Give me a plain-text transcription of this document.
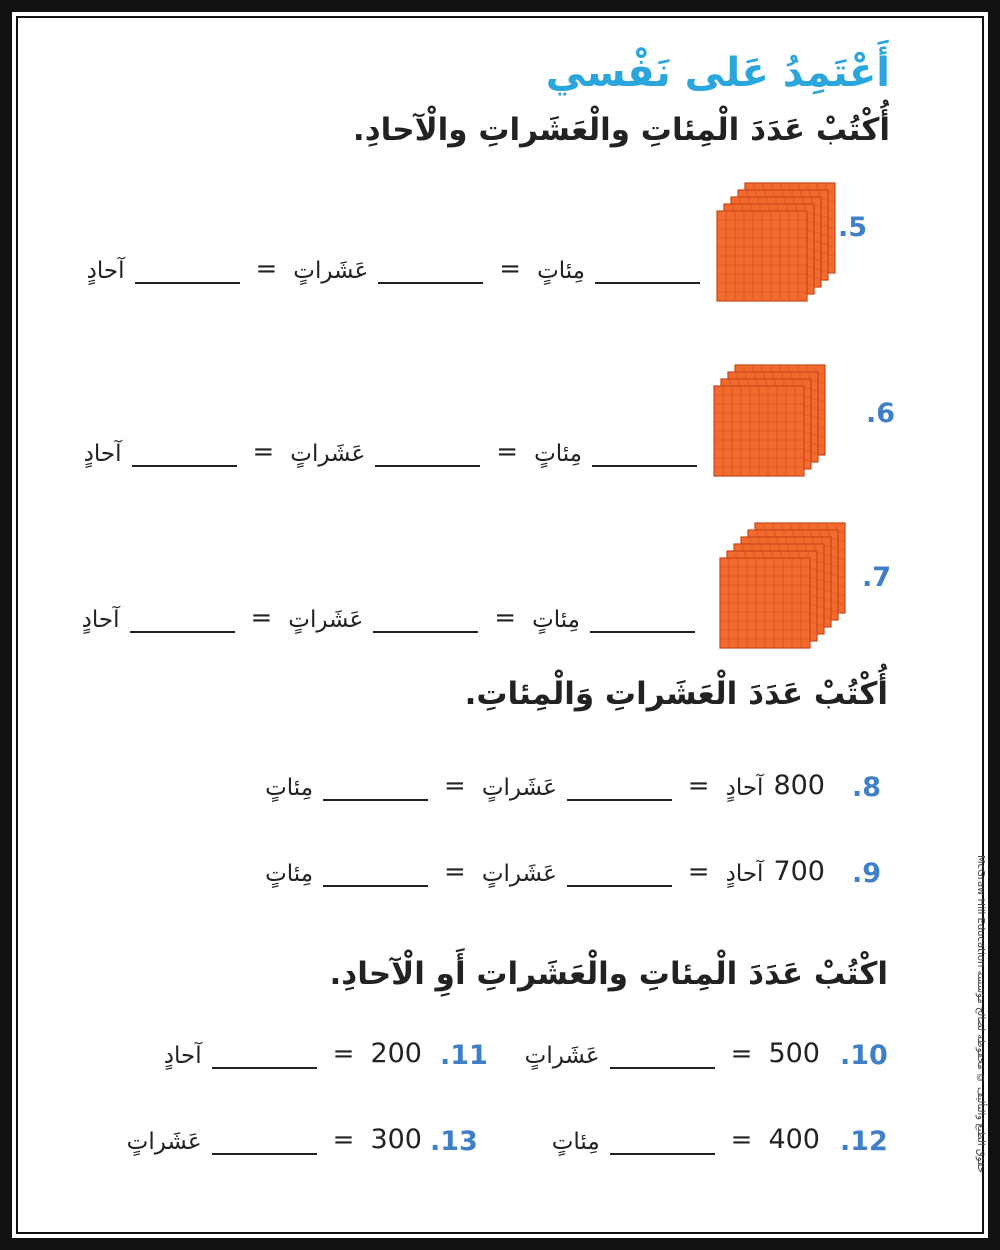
أَعْتَمِدُ عَلى نَفْسي
أُكْتُبْ عَدَدَ الْمِئاتِ والْعَشَراتِ والْآحادِ.
.5
مِئاتٍ
=
عَشَراتٍ
=
آحادٍ
.6
مِئاتٍ
=
عَشَراتٍ
=
آحادٍ
.7
مِئاتٍ
=
عَشَراتٍ
=
آحادٍ
أُكْتُبْ عَدَدَ الْعَشَراتِ وَالْمِئاتِ.
.8
800
آحادٍ
=
عَشَراتٍ
=
مِئاتٍ
.9
700
آحادٍ
=
عَشَراتٍ
=
مِئاتٍ
اكْتُبْ عَدَدَ الْمِئاتِ والْعَشَراتِ أَوِ الْآحادِ.
.10
500
=
عَشَراتٍ
.11
200
=
آحادٍ
.12
400
=
مِئاتٍ
.13
300
=
عَشَراتٍ
McGraw Hill Education حقوق الطبع والتأليف © محفوظة لصالح مؤسسة
